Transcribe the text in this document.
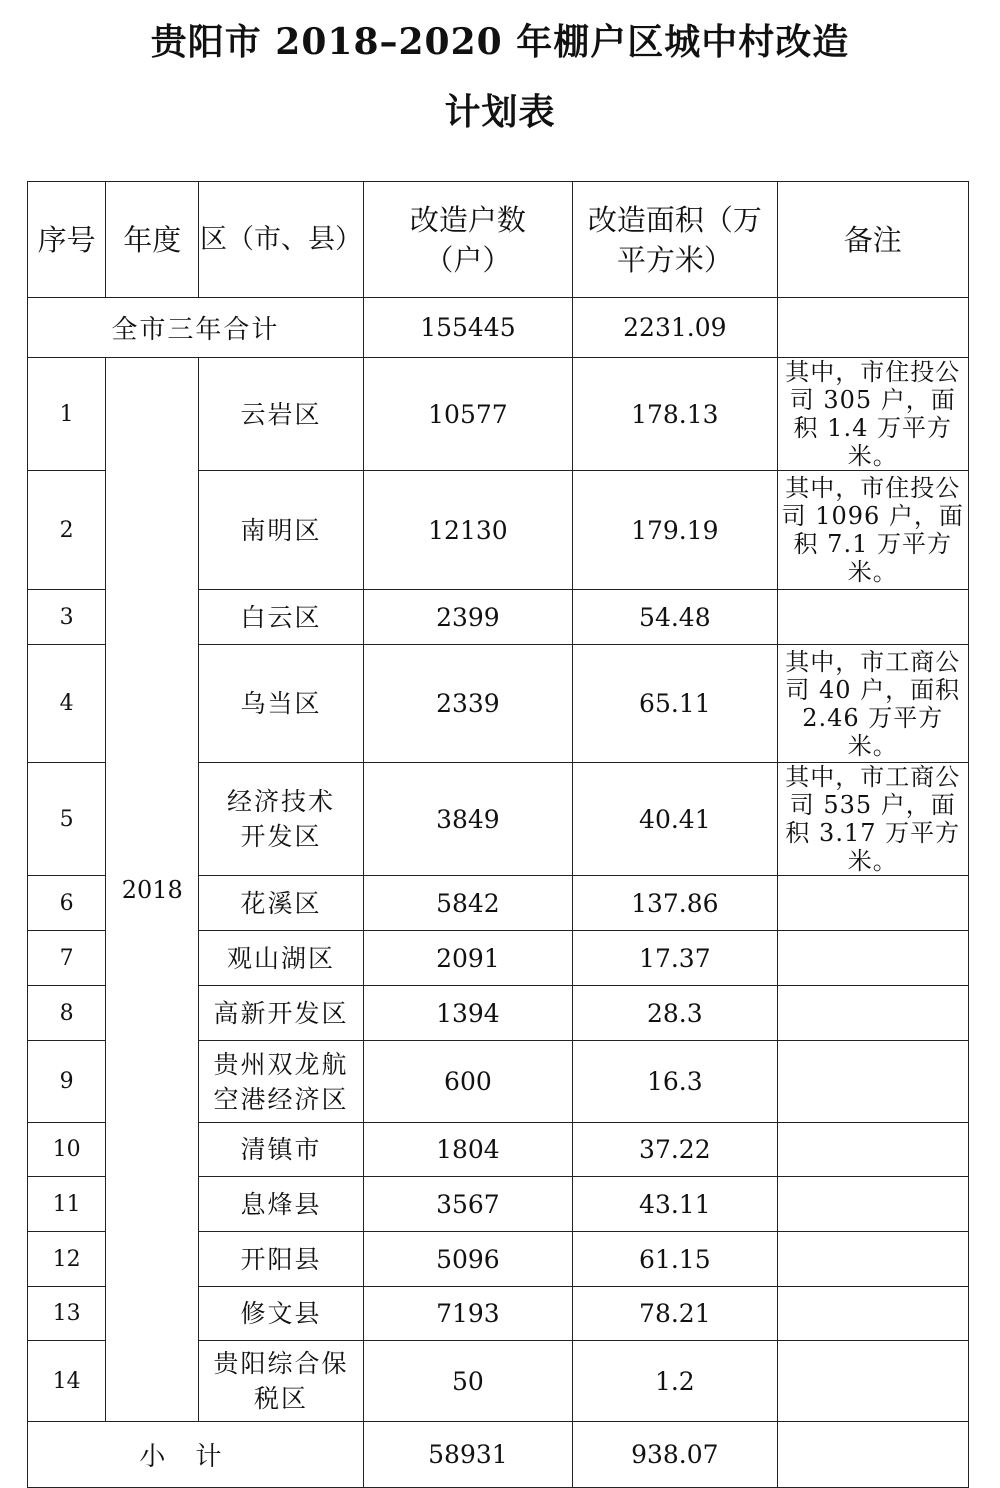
贵阳市 2018–2020 年棚户区城中村改造
计划表
序号	年度	区（市、县）	改造户数（户）	改造面积（万平方米）	备注
全市三年合计			155445	2231.09	
1	2018	云岩区	10577	178.13	其中，市住投公司 305 户，面积 1.4 万平方米。
2		南明区	12130	179.19	其中，市住投公司 1096 户，面积 7.1 万平方米。
3		白云区	2399	54.48	
4		乌当区	2339	65.11	其中，市工商公司 40 户，面积 2.46 万平方米。
5		经济技术开发区	3849	40.41	其中，市工商公司 535 户，面积 3.17 万平方米。
6		花溪区	5842	137.86	
7		观山湖区	2091	17.37	
8		高新开发区	1394	28.3	
9		贵州双龙航空港经济区	600	16.3	
10		清镇市	1804	37.22	
11		息烽县	3567	43.11	
12		开阳县	5096	61.15	
13		修文县	7193	78.21	
14		贵阳综合保税区	50	1.2	
小计			58931	938.07	
